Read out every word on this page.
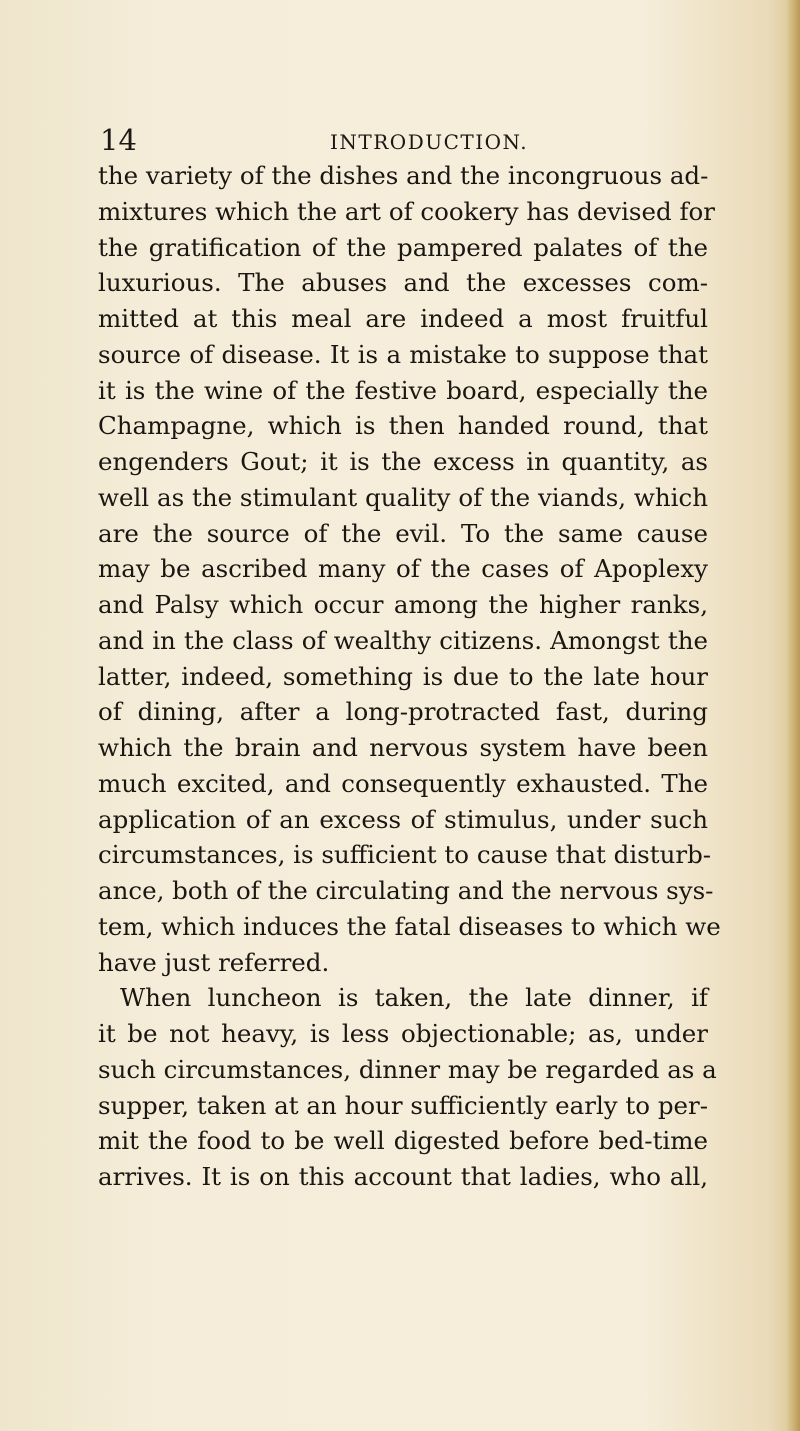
14	INTRODUCTION.
the variety of the dishes and the incongruous ad-
mixtures which the art of cookery has devised for
the gratification of the pampered palates of the
luxurious. The abuses and the excesses com-
mitted at this meal are indeed a most fruitful
source of disease. It is a mistake to suppose that
it is the wine of the festive board, especially the
Champagne, which is then handed round, that
engenders Gout; it is the excess in quantity, as
well as the stimulant quality of the viands, which
are the source of the evil. To the same cause
may be ascribed many of the cases of Apoplexy
and Palsy which occur among the higher ranks,
and in the class of wealthy citizens. Amongst the
latter, indeed, something is due to the late hour
of dining, after a long-protracted fast, during
which the brain and nervous system have been
much excited, and consequently exhausted. The
application of an excess of stimulus, under such
circumstances, is sufficient to cause that disturb-
ance, both of the circulating and the nervous sys-
tem, which induces the fatal diseases to which we
have just referred.
When luncheon is taken, the late dinner, if
it be not heavy, is less objectionable; as, under
such circumstances, dinner may be regarded as a
supper, taken at an hour sufficiently early to per-
mit the food to be well digested before bed-time
arrives. It is on this account that ladies, who all,
